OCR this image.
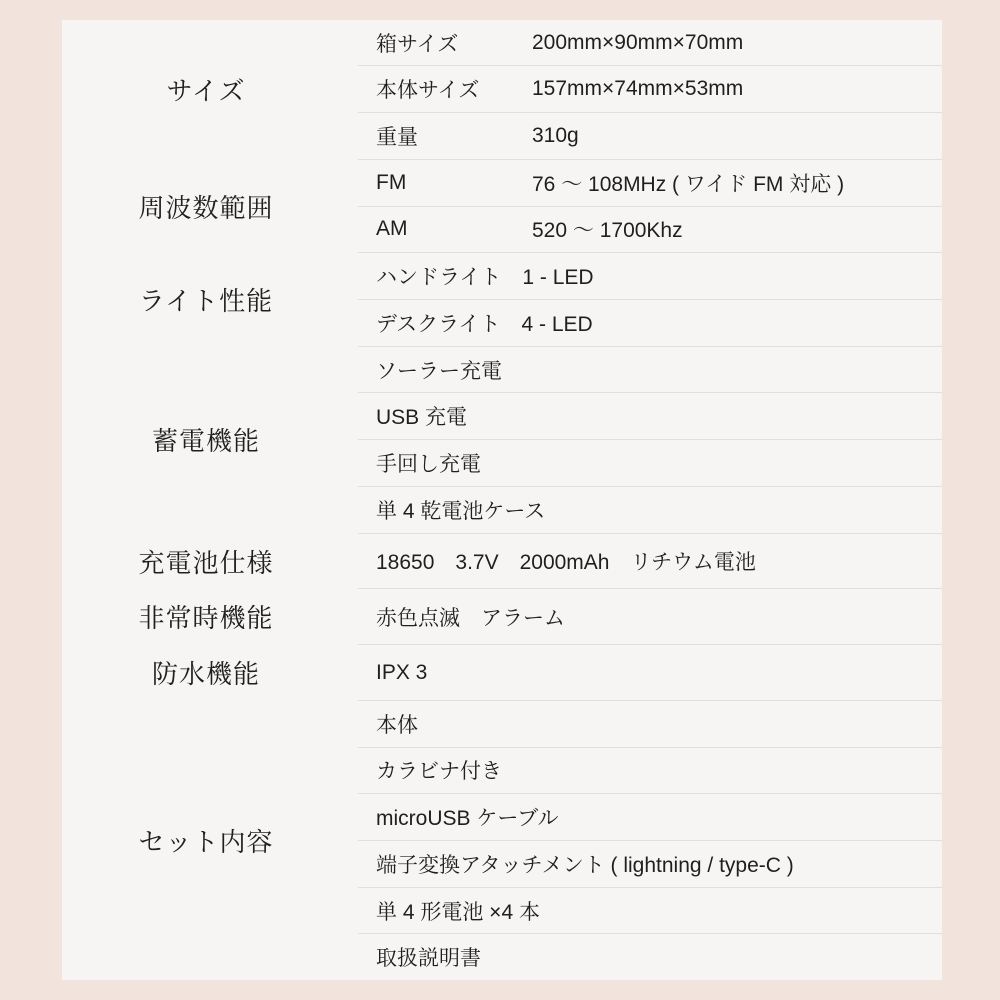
サイズ	箱サイズ	200mm×90mm×70mm
	本体サイズ	157mm×74mm×53mm
	重量	310g
周波数範囲	FM	76 ～ 108MHz ( ワイド FM 対応 )
	AM	520 ～ 1700Khz
ライト性能	ハンドライト　1 - LED	
	デスクライト　4 - LED	
蓄電機能	ソーラー充電	
	USB 充電	
	手回し充電	
	単 4 乾電池ケース	
充電池仕様	18650　3.7V　2000mAh　リチウム電池	
非常時機能	赤色点滅　アラーム	
防水機能	IPX 3	
セット内容	本体	
	カラビナ付き	
	microUSB ケーブル	
	端子変換アタッチメント ( lightning / type-C )	
	単 4 形電池 ×4 本	
	取扱説明書	
